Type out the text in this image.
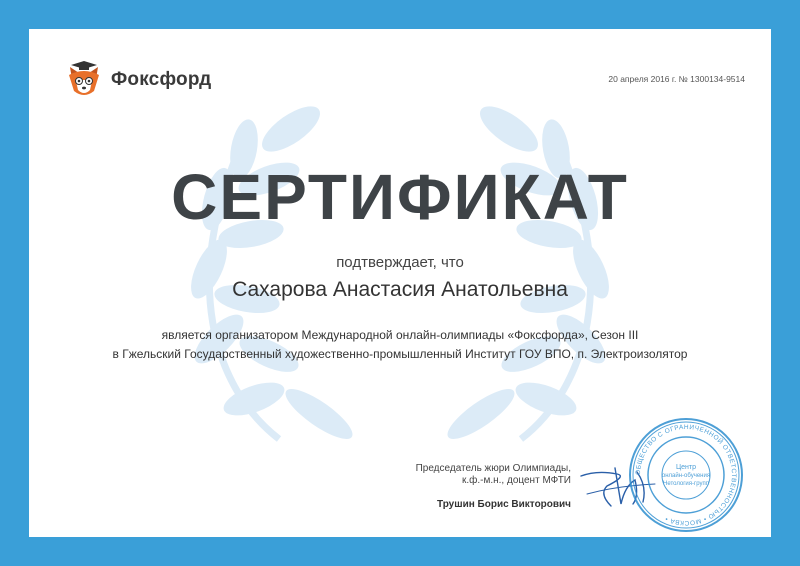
Фоксфорд	20 апреля 2016 г. № 1300134-9514
СЕРТИФИКАТ
подтверждает, что
Сахарова Анастасия Анатольевна
является организатором Международной онлайн-олимпиады «Фоксфорда», Сезон III
в Гжельский Государственный художественно-промышленный Институт ГОУ ВПО, п. Электроизолятор
Председатель жюри Олимпиады,
к.ф.-м.н., доцент МФТИ
Трушин Борис Викторович
ОБЩЕСТВО С ОГРАНИЧЕННОЙ ОТВЕТСТВЕННОСТЬЮ • МОСКВА •
Центр
онлайн-обучения
Нетология-групп
